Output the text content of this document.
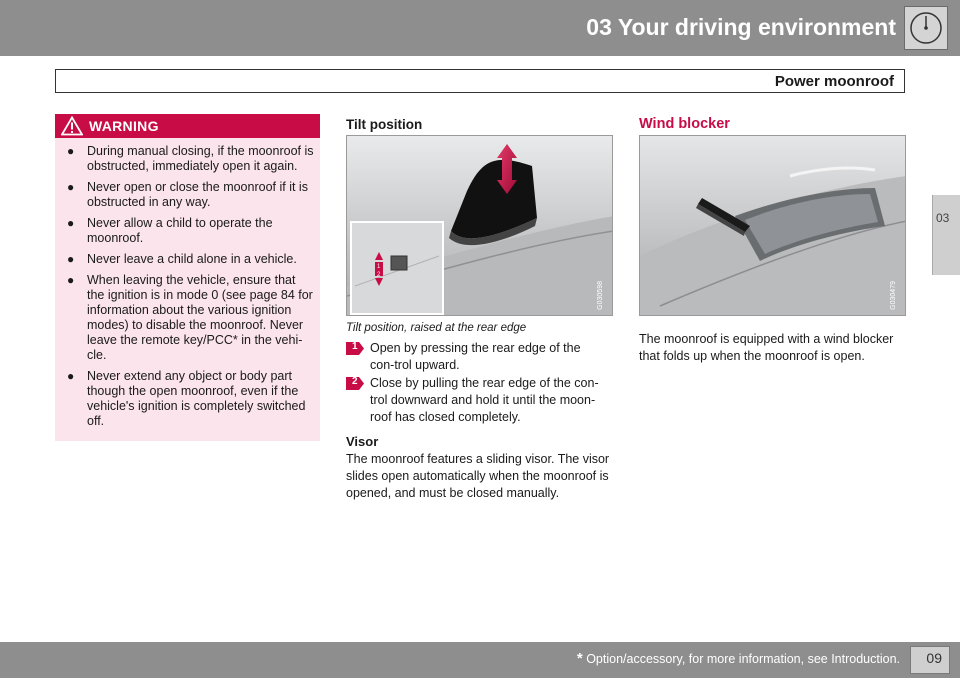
03 Your driving environment
Power moonroof
03
WARNING
● During manual closing, if the moonroof is obstructed, immediately open it again.
● Never open or close the moonroof if it is obstructed in any way.
● Never allow a child to operate the moonroof.
● Never leave a child alone in a vehicle.
● When leaving the vehicle, ensure that the ignition is in mode 0 (see page 84 for information about the various ignition modes) to disable the moonroof. Never leave the remote key/PCC* in the vehi-cle.
● Never extend any object or body part though the open moonroof, even if the vehicle's ignition is completely switched off.
Tilt position
1
2
G030598
Tilt position, raised at the rear edge
1 Open by pressing the rear edge of the con-trol upward.
2 Close by pulling the rear edge of the con-trol downward and hold it until the moon-roof has closed completely.
Visor
The moonroof features a sliding visor. The visor slides open automatically when the moonroof is opened, and must be closed manually.
Wind blocker
G030479
The moonroof is equipped with a wind blocker that folds up when the moonroof is open.
* Option/accessory, for more information, see Introduction. 09
